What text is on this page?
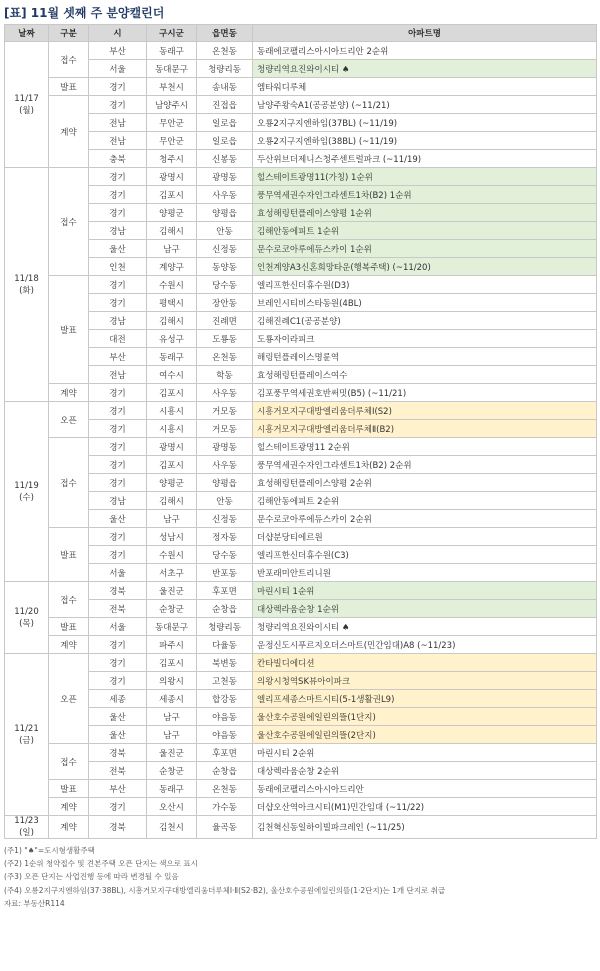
[표] 11월 셋째 주 분양캘린더
날짜	구분	시	구시군	읍면동	아파트명
11/17
(월)	접수	부산	동래구	온천동	동래에코팰리스아시아드리안 2순위
		서울	동대문구	청량리동	청량리역요진와이시티 ♠
	발표	경기	부천시	송내동	엠타워디루체
	계약	경기	남양주시	진접읍	남양주왕숙A1(공공분양) (~11/21)
		전남	무안군	일로읍	오룡2지구지엔하임(37BL) (~11/19)
		전남	무안군	일로읍	오룡2지구지엔하임(38BL) (~11/19)
		충북	청주시	신봉동	두산위브더제니스청주센트럴파크 (~11/19)
11/18
(화)	접수	경기	광명시	광명동	힐스테이트광명11(가칭) 1순위
		경기	김포시	사우동	풍무역세권수자인그라센트1차(B2) 1순위
		경기	양평군	양평읍	효성해링턴플레이스양평 1순위
		경남	김해시	안동	김해안동에피트 1순위
		울산	남구	신정동	문수로코아루에듀스카이 1순위
		인천	계양구	동양동	인천계양A3신혼희망타운(행복주택) (~11/20)
	발표	경기	수원시	당수동	엘리프한신더휴수원(D3)
		경기	평택시	장안동	브레인시티비스타동원(4BL)
		경남	김해시	진례면	김해진례C1(공공분양)
		대전	유성구	도룡동	도룡자이라피크
		부산	동래구	온천동	해링턴플레이스명륜역
		전남	여수시	학동	효성해링턴플레이스여수
	계약	경기	김포시	사우동	김포풍무역세권호반써밋(B5) (~11/21)
11/19
(수)	오픈	경기	시흥시	거모동	시흥거모지구대방엘리움더루체Ⅰ(S2)
		경기	시흥시	거모동	시흥거모지구대방엘리움더루체Ⅱ(B2)
	접수	경기	광명시	광명동	힐스테이트광명11 2순위
		경기	김포시	사우동	풍무역세권수자인그라센트1차(B2) 2순위
		경기	양평군	양평읍	효성해링턴플레이스양평 2순위
		경남	김해시	안동	김해안동에피트 2순위
		울산	남구	신정동	문수로코아루에듀스카이 2순위
	발표	경기	성남시	정자동	더샵분당티에르원
		경기	수원시	당수동	엘리프한신더휴수원(C3)
		서울	서초구	반포동	반포래미안트리니원
11/20
(목)	접수	경북	울진군	후포면	마린시티 1순위
		전북	순창군	순창읍	대상렉라움순창 1순위
	발표	서울	동대문구	청량리동	청량리역요진와이시티 ♠
	계약	경기	파주시	다율동	운정신도시푸르지오더스마트(민간임대)A8 (~11/23)
11/21
(금)	오픈	경기	김포시	북변동	칸타빌디에디션
		경기	의왕시	고천동	의왕시청역SK뷰아이파크
		세종	세종시	합강동	엘리프세종스마트시티(5-1생활권L9)
		울산	남구	야음동	울산호수공원에일린의뜰(1단지)
		울산	남구	야음동	울산호수공원에일린의뜰(2단지)
	접수	경북	울진군	후포면	마린시티 2순위
		전북	순창군	순창읍	대상렉라움순창 2순위
	발표	부산	동래구	온천동	동래에코팰리스아시아드리안
	계약	경기	오산시	가수동	더샵오산역아크시티(M1)민간임대 (~11/22)
11/23
(일)	계약	경북	김천시	율곡동	김천혁신동일하이빌파크레인 (~11/25)
(주1) "♠"=도시형생활주택
(주2) 1순위 청약접수 및 견본주택 오픈 단지는 색으로 표시
(주3) 오픈 단지는 사업진행 등에 따라 변경될 수 있음
(주4) 오룡2지구지엔하임(37·38BL), 시흥거모지구대방엘리움더루체Ⅰ·Ⅱ(S2·B2), 울산호수공원에일린의뜰(1·2단지)는 1개 단지로 취급
자료: 부동산R114
